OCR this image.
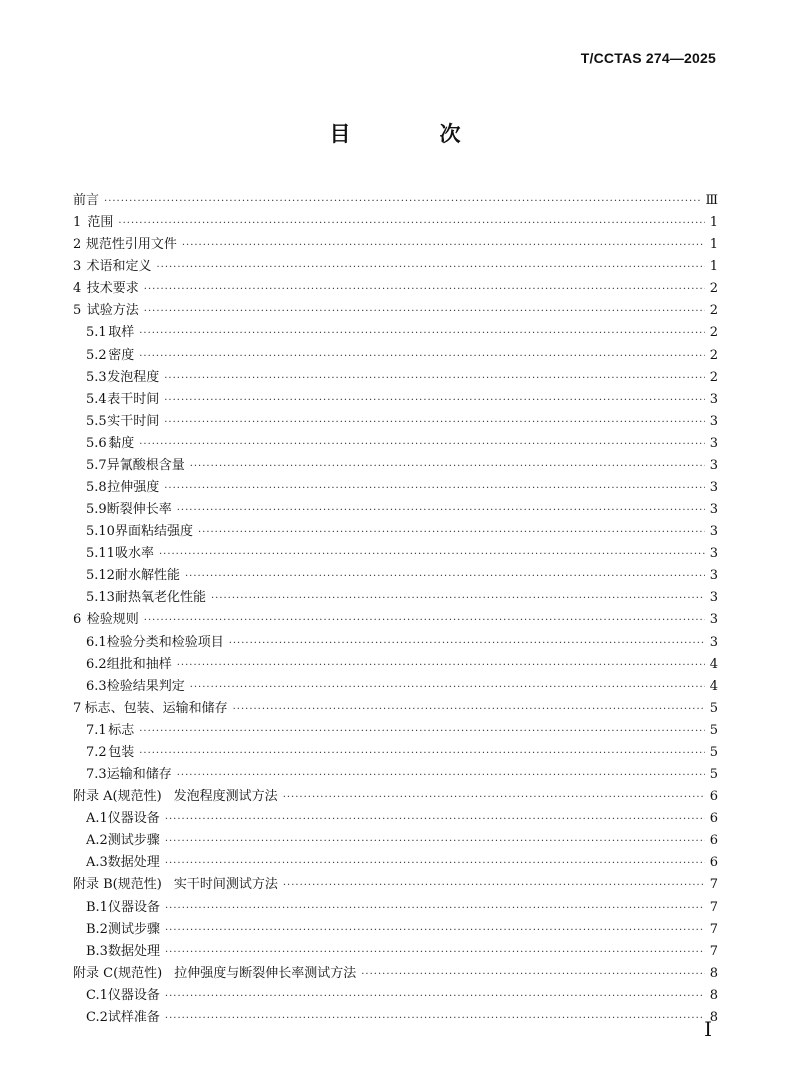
T/CCTAS 274—2025
目　次
前言 ·····	Ⅲ
1 范围 ·····	1
2 规范性引用文件 ·····	1
3 术语和定义 ·····	1
4 技术要求 ·····	2
5 试验方法 ·····	2
5.1 取样 ·····	2
5.2 密度 ·····	2
5.3 发泡程度 ·····	2
5.4 表干时间 ·····	3
5.5 实干时间 ·····	3
5.6 黏度 ·····	3
5.7 异氰酸根含量 ·····	3
5.8 拉伸强度 ·····	3
5.9 断裂伸长率 ·····	3
5.10 界面粘结强度 ·····	3
5.11 吸水率 ·····	3
5.12 耐水解性能 ·····	3
5.13 耐热氧老化性能 ·····	3
6 检验规则 ·····	3
6.1 检验分类和检验项目 ·····	3
6.2 组批和抽样 ·····	4
6.3 检验结果判定 ·····	4
7 标志、包装、运输和储存 ·····	5
7.1 标志 ·····	5
7.2 包装 ·····	5
7.3 运输和储存 ·····	5
附录 A(规范性) 发泡程度测试方法 ·····	6
A.1 仪器设备 ·····	6
A.2 测试步骤 ·····	6
A.3 数据处理 ·····	6
附录 B(规范性) 实干时间测试方法 ·····	7
B.1 仪器设备 ·····	7
B.2 测试步骤 ·····	7
B.3 数据处理 ·····	7
附录 C(规范性) 拉伸强度与断裂伸长率测试方法 ·····	8
C.1 仪器设备 ·····	8
C.2 试样准备 ·····	8
I
